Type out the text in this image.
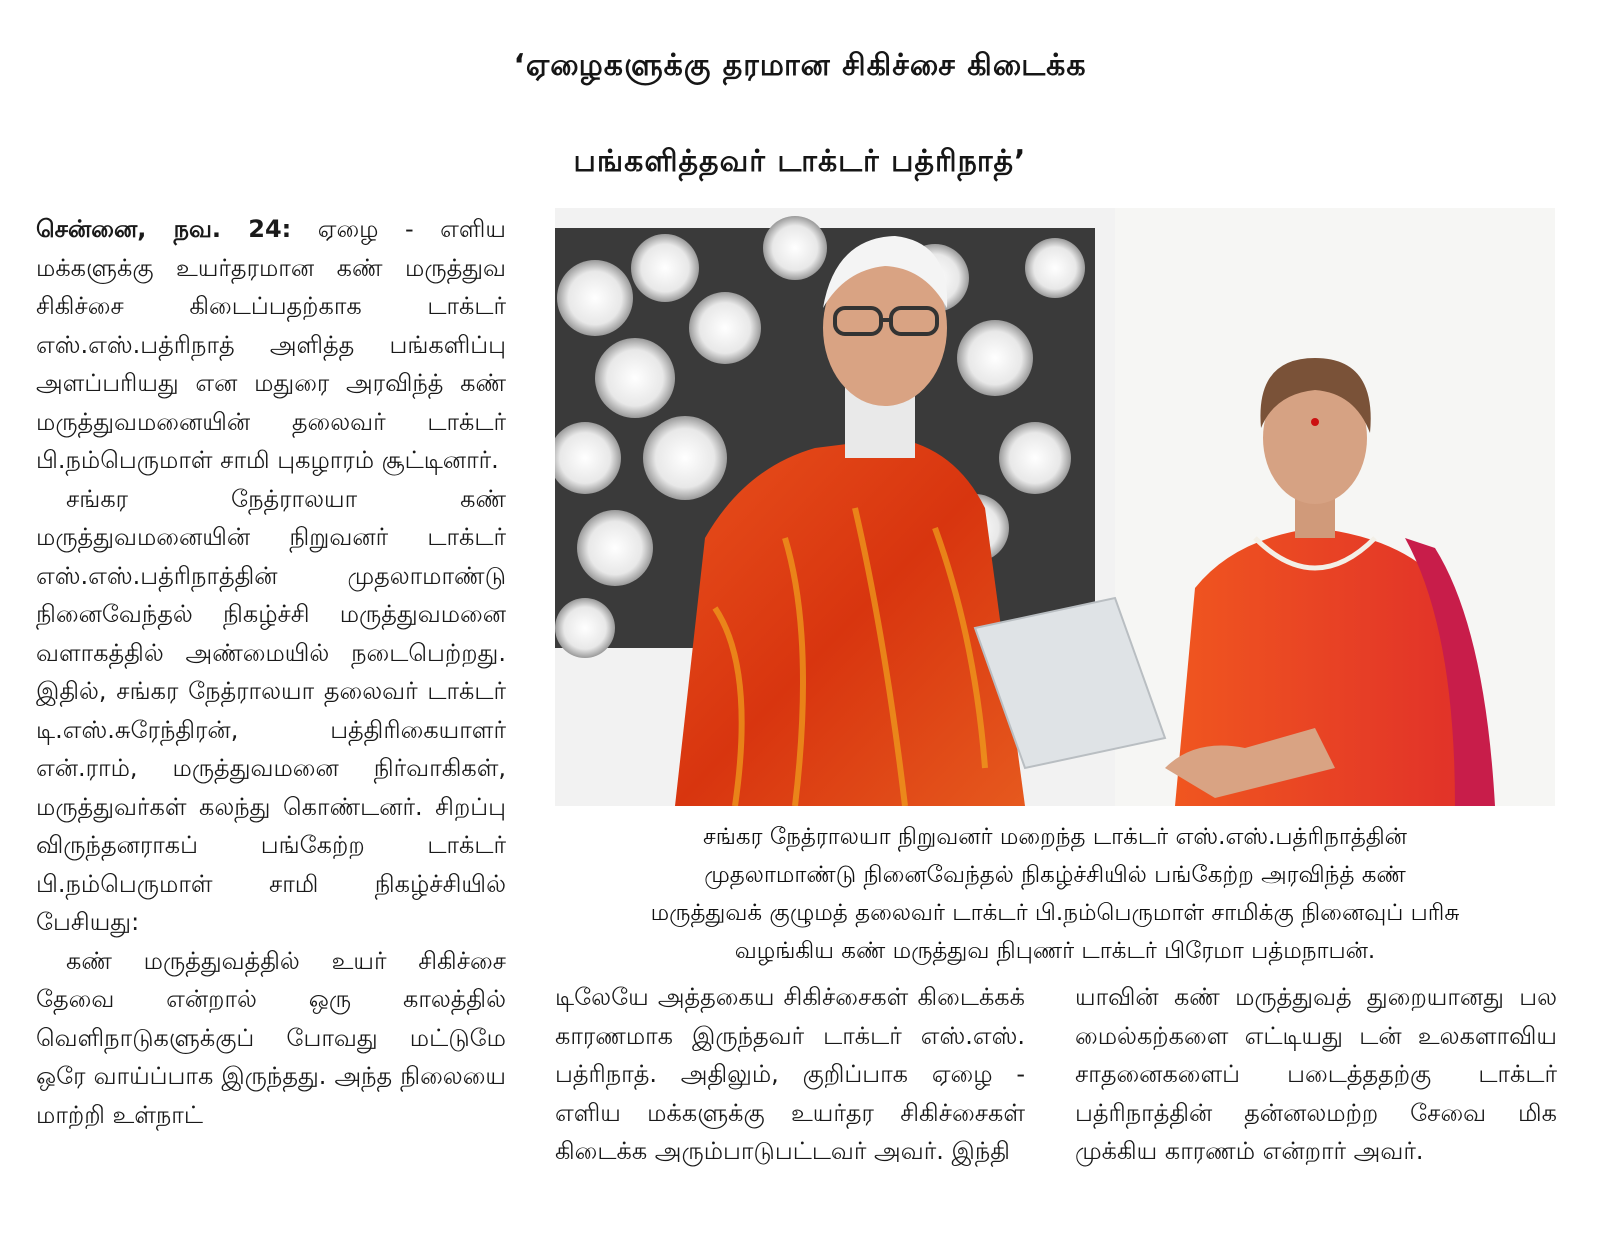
‘ஏழைகளுக்கு தரமான சிகிச்சை கிடைக்க
பங்களித்தவர் டாக்டர் பத்ரிநாத்’

சென்னை, நவ. 24: ஏழை - எளிய மக்களுக்கு உயர்தரமான கண் மருத்துவ சிகிச்சை கிடைப்பதற்காக டாக்டர் எஸ்.எஸ்.பத்ரிநாத் அளித்த பங்களிப்பு அளப்பரியது என மதுரை அரவிந்த் கண் மருத்துவமனையின் தலைவர் டாக்டர் பி.நம்பெருமாள் சாமி புகழாரம் சூட்டினார்.

சங்கர நேத்ராலயா கண் மருத்துவமனையின் நிறுவனர் டாக்டர் எஸ்.எஸ்.பத்ரிநாத்தின் முதலாமாண்டு நினைவேந்தல் நிகழ்ச்சி மருத்துவமனை வளாகத்தில் அண்மையில் நடைபெற்றது. இதில், சங்கர நேத்ராலயா தலைவர் டாக்டர் டி.எஸ்.சுரேந்திரன், பத்திரிகையாளர் என்.ராம், மருத்துவமனை நிர்வாகிகள், மருத்துவர்கள் கலந்து கொண்டனர். சிறப்பு விருந்தனராகப் பங்கேற்ற டாக்டர் பி.நம்பெருமாள் சாமி நிகழ்ச்சியில் பேசியது:

கண் மருத்துவத்தில் உயர் சிகிச்சை தேவை என்றால் ஒரு காலத்தில் வெளிநாடுகளுக்குப் போவது மட்டுமே ஒரே வாய்ப்பாக இருந்தது. அந்த நிலையை மாற்றி உள்நாட்

சங்கர நேத்ராலயா நிறுவனர் மறைந்த டாக்டர் எஸ்.எஸ்.பத்ரிநாத்தின்
முதலாமாண்டு நினைவேந்தல் நிகழ்ச்சியில் பங்கேற்ற அரவிந்த் கண்
மருத்துவக் குழுமத் தலைவர் டாக்டர் பி.நம்பெருமாள் சாமிக்கு நினைவுப் பரிசு
வழங்கிய கண் மருத்துவ நிபுணர் டாக்டர் பிரேமா பத்மநாபன்.

டிலேயே அத்தகைய சிகிச்சைகள் கிடைக்கக் காரணமாக இருந்தவர் டாக்டர் எஸ்.எஸ். பத்ரிநாத். அதிலும், குறிப்பாக ஏழை - எளிய மக்களுக்கு உயர்தர சிகிச்சைகள் கிடைக்க அரும்பாடுபட்டவர் அவர். இந்தி

யாவின் கண் மருத்துவத் துறையானது பல மைல்கற்களை எட்டியது டன் உலகளாவிய சாதனைகளைப் படைத்ததற்கு டாக்டர் பத்ரிநாத்தின் தன்னலமற்ற சேவை மிக முக்கிய காரணம் என்றார் அவர்.
